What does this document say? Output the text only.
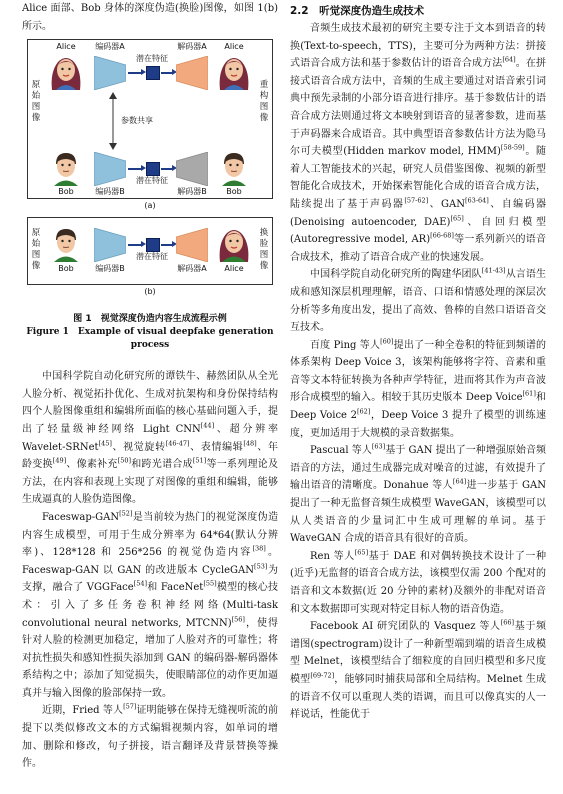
Alice 面部、Bob 身体的深度伪造(换脸)图像，如图 1(b)所示。

原始图像
重构图像
Alice	Alice
编码器A	解码器A
潜在特征
参数共享
潜在特征
Bob	编码器B	解码器B Bob
(a)
原始图像
换脸图像
潜在特征
Bob	编码器B	解码器A Alice
(b)
图 1　视觉深度伪造内容生成流程示例
Figure 1　Example of visual deepfake generation process

中国科学院自动化研究所的谭铁牛、赫然团队从全光人脸分析、视觉拓扑优化、生成对抗架构和身份保持结构四个人脸图像重组和编辑所面临的核心基础问题入手，提出了轻量级神经网络 Light CNN[44]、超分辨率 Wavelet-SRNet[45]、视觉旋转[46-47]、表情编辑[48]、年龄变换[49]、像素补充[50]和跨光谱合成[51]等一系列理论及方法，在内容和表现上实现了对图像的重组和编辑，能够生成逼真的人脸伪造图像。

Faceswap-GAN[52]是当前较为热门的视觉深度伪造内容生成模型，可用于生成分辨率为 64*64(默认分辨率)、128*128 和 256*256 的视觉伪造内容[38]。Faceswap-GAN 以 GAN 的改进版本 CycleGAN[53]为支撑，融合了 VGGFace[54]和 FaceNet[55]模型的核心技术：引入了多任务卷积神经网络(Multi-task convolutional neural networks, MTCNN)[56]，使得针对人脸的检测更加稳定，增加了人脸对齐的可靠性；将对抗性损失和感知性损失添加到 GAN 的编码器-解码器体系结构之中；添加了知觉损失，使眼睛部位的动作更加逼真并与输入图像的脸部保持一致。

近期，Fried 等人[57]证明能够在保持无缝视听流的前提下以类似修改文本的方式编辑视频内容，如单词的增加、删除和修改，句子拼接，语言翻译及背景替换等操作。

2.2　听觉深度伪造生成技术

音频生成技术最初的研究主要专注于文本到语音的转换(Text-to-speech，TTS)，主要可分为两种方法：拼接式语音合成方法和基于参数估计的语音合成方法[64]。在拼接式语音合成方法中，音频的生成主要通过对语音索引词典中预先录制的小部分语音进行排序。基于参数估计的语音合成方法则通过将文本映射到语音的显著参数，进而基于声码器来合成语音。其中典型语音参数估计方法为隐马尔可夫模型(Hidden markov model, HMM)[58-59]。随着人工智能技术的兴起，研究人员借鉴图像、视频的新型智能化合成技术，开始探索智能化合成的语音合成方法，陆续提出了基于声码器[57-62]、GAN[63-64]、自编码器(Denoising autoencoder, DAE)[65]、自回归模型(Autoregressive model, AR)[66-68]等一系列新兴的语音合成技术，推动了语音合成产业的快速发展。

中国科学院自动化研究所的陶建华团队[41-43]从言语生成和感知深层机理理解，语音、口语和情感处理的深层次分析等多角度出发，提出了高效、鲁棒的自然口语语音交互技术。

百度 Ping 等人[60]提出了一种全卷积的特征到频谱的体系架构 Deep Voice 3，该架构能够将字符、音素和重音等文本特征转换为各种声学特征，进而将其作为声音波形合成模型的输入。相较于其历史版本 Deep Voice[61]和 Deep Voice 2[62]，Deep Voice 3 提升了模型的训练速度，更加适用于大规模的录音数据集。

Pascual 等人[63]基于 GAN 提出了一种增强原始音频语音的方法，通过生成器完成对噪音的过滤，有效提升了输出语音的清晰度。Donahue 等人[64]进一步基于 GAN 提出了一种无监督音频生成模型 WaveGAN，该模型可以从人类语音的少量词汇中生成可理解的单词。基于 WaveGAN 合成的语音具有很好的音质。

Ren 等人[65]基于 DAE 和对偶转换技术设计了一种(近乎)无监督的语音合成方法，该模型仅需 200 个配对的语音和文本数据(近 20 分钟的素材)及额外的非配对语音和文本数据即可实现对特定目标人物的语音伪造。

Facebook AI 研究团队的 Vasquez 等人[66]基于频谱图(spectrogram)设计了一种新型端到端的语音生成模型 Melnet，该模型结合了细粒度的自回归模型和多尺度模型[69-72]，能够同时捕获局部和全局结构。Melnet 生成的语音不仅可以重现人类的语调，而且可以像真实的人一样说话，性能优于
